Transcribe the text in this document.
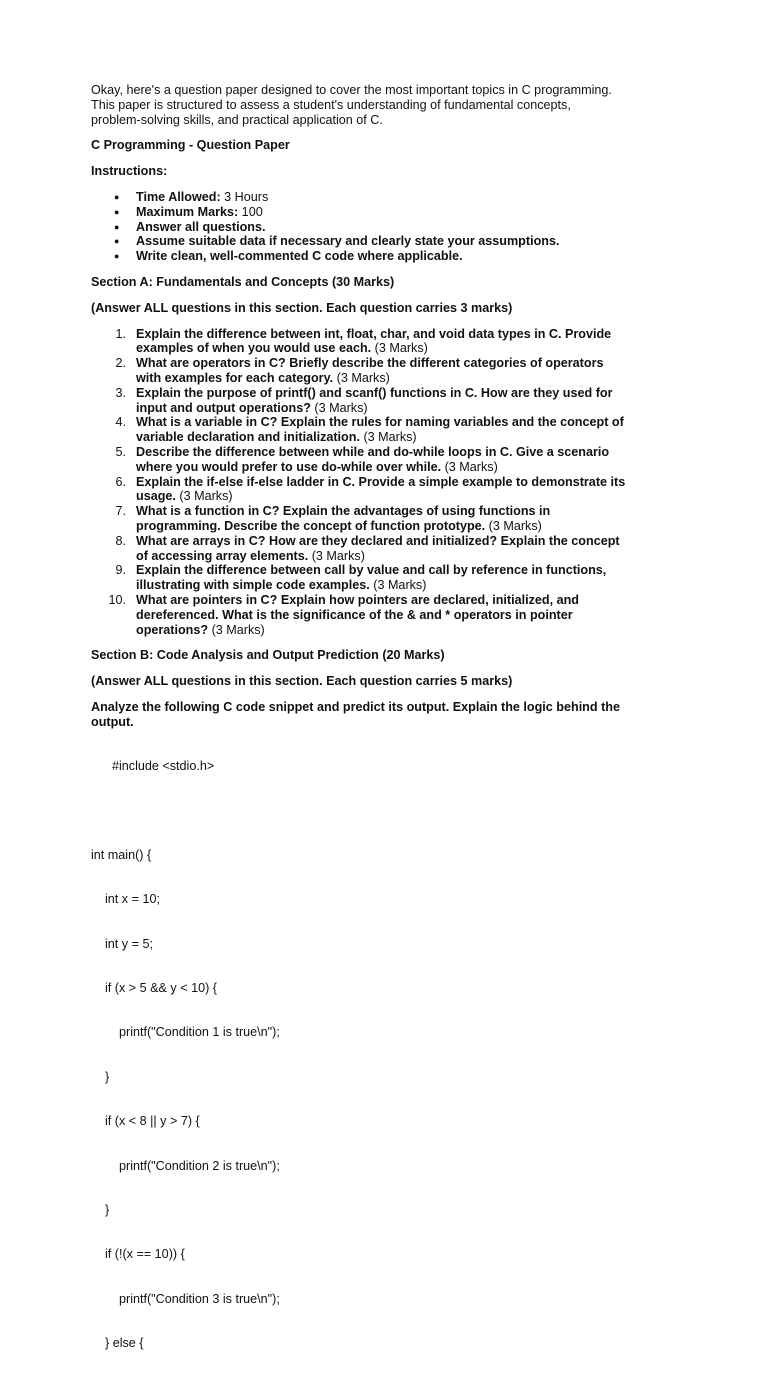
Okay, here's a question paper designed to cover the most important topics in C programming.

This paper is structured to assess a student's understanding of fundamental concepts,

problem-solving skills, and practical application of C.

C Programming - Question Paper

Instructions:

● Time Allowed: 3 Hours
● Maximum Marks: 100
● Answer all questions.
● Assume suitable data if necessary and clearly state your assumptions.
● Write clean, well-commented C code where applicable.

Section A: Fundamentals and Concepts (30 Marks)

(Answer ALL questions in this section. Each question carries 3 marks)

1. Explain the difference between int, float, char, and void data types in C. Provide
examples of when you would use each. (3 Marks)
2. What are operators in C? Briefly describe the different categories of operators
with examples for each category. (3 Marks)
3. Explain the purpose of printf() and scanf() functions in C. How are they used for
input and output operations? (3 Marks)
4. What is a variable in C? Explain the rules for naming variables and the concept of
variable declaration and initialization. (3 Marks)
5. Describe the difference between while and do-while loops in C. Give a scenario
where you would prefer to use do-while over while. (3 Marks)
6. Explain the if-else if-else ladder in C. Provide a simple example to demonstrate its
usage. (3 Marks)
7. What is a function in C? Explain the advantages of using functions in
programming. Describe the concept of function prototype. (3 Marks)
8. What are arrays in C? How are they declared and initialized? Explain the concept
of accessing array elements. (3 Marks)
9. Explain the difference between call by value and call by reference in functions,
illustrating with simple code examples. (3 Marks)
10. What are pointers in C? Explain how pointers are declared, initialized, and
dereferenced. What is the significance of the & and * operators in pointer
operations? (3 Marks)

Section B: Code Analysis and Output Prediction (20 Marks)

(Answer ALL questions in this section. Each question carries 5 marks)

Analyze the following C code snippet and predict its output. Explain the logic behind the

output.

#include <stdio.h>

int main() {

int x = 10;

int y = 5;

if (x > 5 && y < 10) {

printf("Condition 1 is true\n");

}

if (x < 8 || y > 7) {

printf("Condition 2 is true\n");

}

if (!(x == 10)) {

printf("Condition 3 is true\n");

} else {
